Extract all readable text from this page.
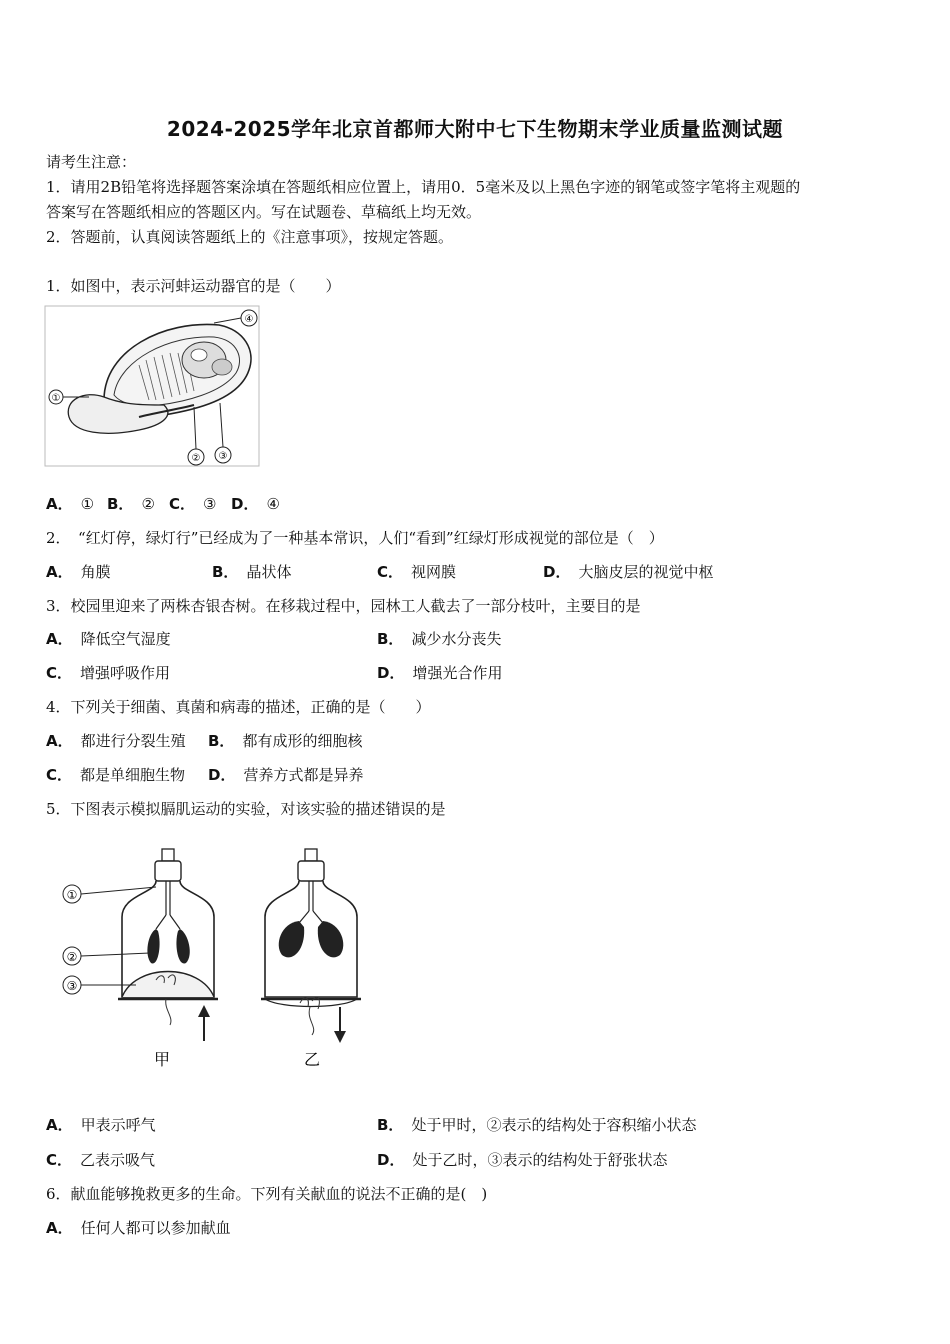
2024-2025学年北京首都师大附中七下生物期末学业质量监测试题
请考生注意：
1．请用2B铅笔将选择题答案涂填在答题纸相应位置上，请用0．5毫米及以上黑色字迹的钢笔或签字笔将主观题的
答案写在答题纸相应的答题区内。写在试题卷、草稿纸上均无效。
2．答题前，认真阅读答题纸上的《注意事项》，按规定答题。
1．如图中，表示河蚌运动器官的是（　　）
①
④
② ③
A． ① B． ② C． ③ D． ④
2．　“红灯停，绿灯行”已经成为了一种基本常识，人们“看到”红绿灯形成视觉的部位是（　）
A． 角膜	B． 晶状体	C． 视网膜	D． 大脑皮层的视觉中枢
3．校园里迎来了两株杏银杏树。在移栽过程中，园林工人截去了一部分枝叶，主要目的是
A． 降低空气湿度	B． 减少水分丧失
C． 增强呼吸作用	D． 增强光合作用
4．下列关于细菌、真菌和病毒的描述，正确的是（　　）
A． 都进行分裂生殖 B． 都有成形的细胞核
C． 都是单细胞生物 D． 营养方式都是异养
5．下图表示模拟膈肌运动的实验，对该实验的描述错误的是
甲	乙
①
②
③
A． 甲表示呼气	B． 处于甲时，②表示的结构处于容积缩小状态
C． 乙表示吸气	D． 处于乙时，③表示的结构处于舒张状态
6．献血能够挽救更多的生命。下列有关献血的说法不正确的是(　)
A． 任何人都可以参加献血
